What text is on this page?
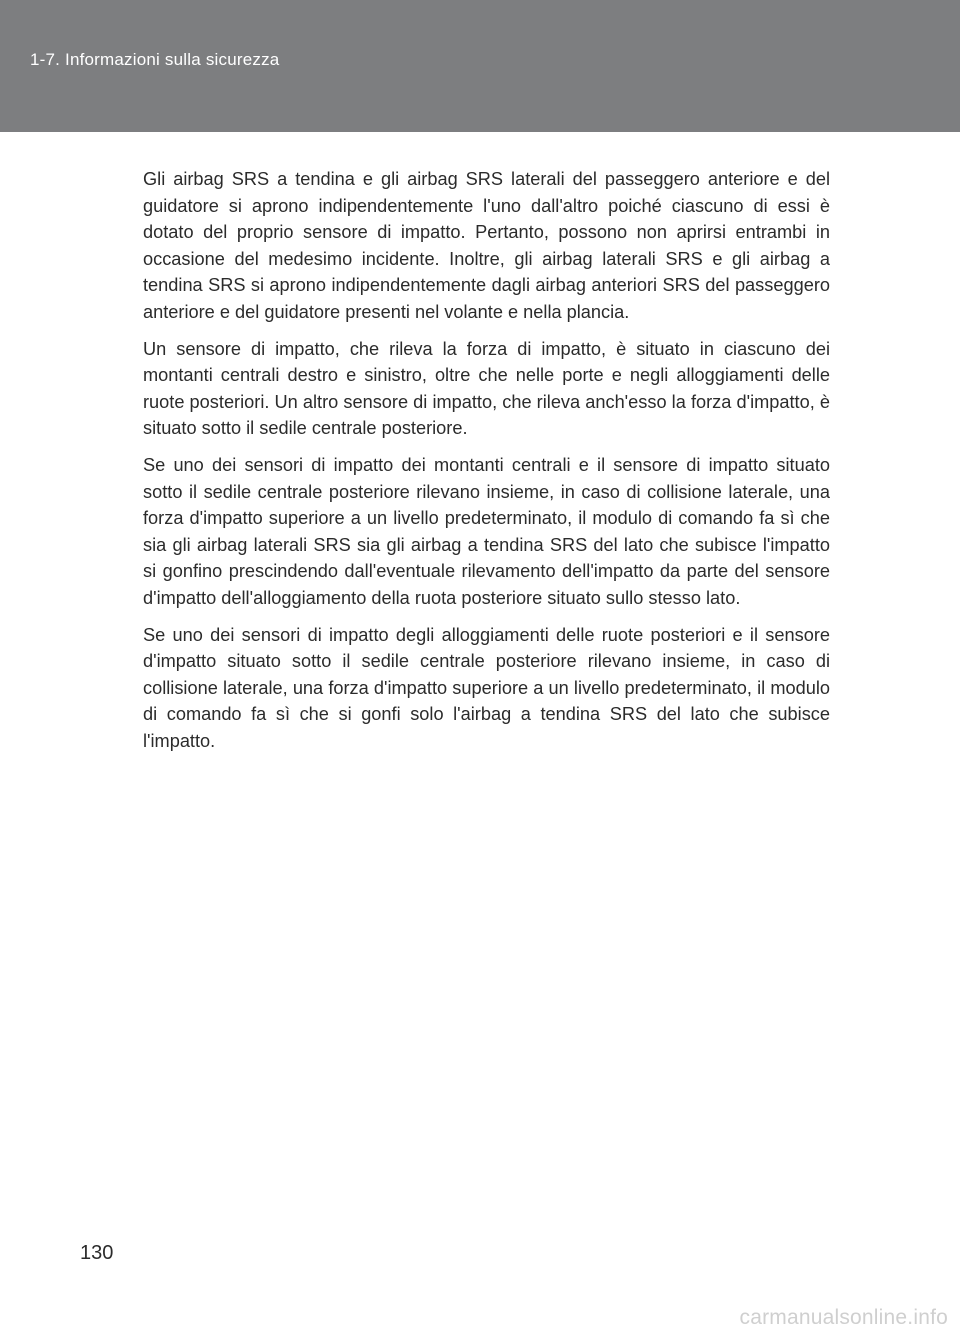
1-7. Informazioni sulla sicurezza

Gli airbag SRS a tendina e gli airbag SRS laterali del passeggero anteriore e del guidatore si aprono indipendentemente l'uno dall'altro poiché ciascuno di essi è dotato del proprio sensore di impatto. Pertanto, possono non aprirsi entrambi in occasione del medesimo incidente. Inoltre, gli airbag laterali SRS e gli airbag a tendina SRS si aprono indipendentemente dagli airbag anteriori SRS del passeggero anteriore e del guidatore presenti nel volante e nella plancia.

Un sensore di impatto, che rileva la forza di impatto, è situato in ciascuno dei montanti centrali destro e sinistro, oltre che nelle porte e negli alloggiamenti delle ruote posteriori. Un altro sensore di impatto, che rileva anch'esso la forza d'impatto, è situato sotto il sedile centrale posteriore.

Se uno dei sensori di impatto dei montanti centrali e il sensore di impatto situato sotto il sedile centrale posteriore rilevano insieme, in caso di collisione laterale, una forza d'impatto superiore a un livello predeterminato, il modulo di comando fa sì che sia gli airbag laterali SRS sia gli airbag a tendina SRS del lato che subisce l'impatto si gonfino prescindendo dall'eventuale rilevamento dell'impatto da parte del sensore d'impatto dell'alloggiamento della ruota posteriore situato sullo stesso lato.

Se uno dei sensori di impatto degli alloggiamenti delle ruote posteriori e il sensore d'impatto situato sotto il sedile centrale posteriore rilevano insieme, in caso di collisione laterale, una forza d'impatto superiore a un livello predeterminato, il modulo di comando fa sì che si gonfi solo l'airbag a tendina SRS del lato che subisce l'impatto.

130
carmanualsonline.info
